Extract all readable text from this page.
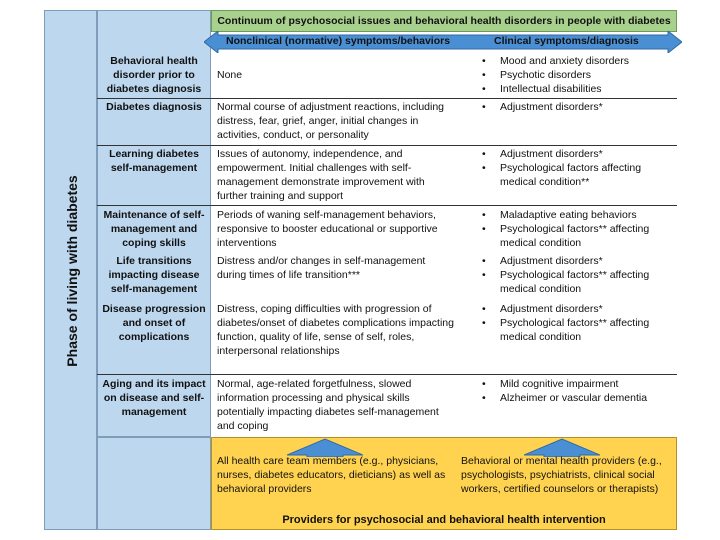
Phase of living with diabetes
Continuum of psychosocial issues and behavioral health disorders in people with diabetes
Nonclinical (normative) symptoms/behaviors	Clinical symptoms/diagnosis
Behavioral health disorder prior to diabetes diagnosis
None
• Mood and anxiety disorders
• Psychotic disorders
• Intellectual disabilities
Diabetes diagnosis	Normal course of adjustment reactions, including distress, fear, grief, anger, initial changes in activities, conduct, or personality
• Adjustment disorders*
Learning diabetes self-management
Issues of autonomy, independence, and empowerment. Initial challenges with self-management demonstrate improvement with further training and support
• Adjustment disorders*
• Psychological factors affecting medical condition**
Maintenance of self-management and coping skills
Periods of waning self-management behaviors, responsive to booster educational or supportive interventions
• Maladaptive eating behaviors
• Psychological factors** affecting medical condition
Life transitions impacting disease self-management
Distress and/or changes in self-management during times of life transition***
• Adjustment disorders*
• Psychological factors** affecting medical condition
Disease progression and onset of complications
Distress, coping difficulties with progression of diabetes/onset of diabetes complications impacting function, quality of life, sense of self, roles, interpersonal relationships
• Adjustment disorders*
• Psychological factors** affecting medical condition
Aging and its impact on disease and self-management
Normal, age-related forgetfulness, slowed information processing and physical skills potentially impacting diabetes self-management and coping
• Mild cognitive impairment
• Alzheimer or vascular dementia
All health care team members (e.g., physicians, nurses, diabetes educators, dieticians) as well as behavioral providers
Behavioral or mental health providers (e.g., psychologists, psychiatrists, clinical social workers, certified counselors or therapists)
Providers for psychosocial and behavioral health intervention
